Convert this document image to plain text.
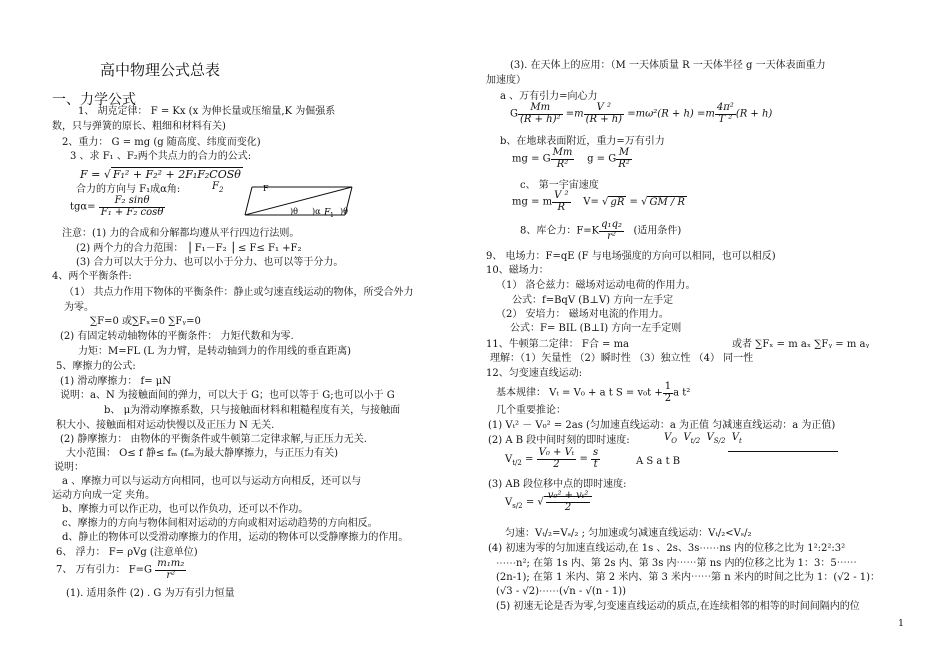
高中物理公式总表
一、力学公式
1、 胡克定律： F = Kx (x 为伸长量或压缩量,K 为倔强系
数，只与弹簧的原长、粗细和材料有关)
2、重力： G = mg (g 随高度、纬度而变化)
3 、求 F₁ 、F₂两个共点力的合力的公式:
F = √ F₁² + F₂² + 2F₁F₂COSθ
合力的方向与 F₁成α角:	$F_2$
$tg\alpha= \frac{\text{F₂ sinθ}}{\text{F₁ + F₂ cosθ}}$
F
)θ )α F 1 )θ
注意：(1) 力的合成和分解都均遵从平行四边行法则。
(2) 两个力的合力范围： ⎥ F₁－F₂ ⎥ ≤ F≤ F₁ +F₂
(3) 合力可以大于分力、也可以小于分力、也可以等于分力。
4、两个平衡条件:
（1） 共点力作用下物体的平衡条件：静止或匀速直线运动的物体，所受合外力
为零。
∑F=0 或∑Fₓ=0 ∑Fᵧ=0
(2) 有固定转动轴物体的平衡条件： 力矩代数和为零.
力矩：M=FL (L 为力臂，是转动轴到力的作用线的垂直距离)
5、摩擦力的公式:
(1) 滑动摩擦力： f= μN
说明：a、N 为接触面间的弹力，可以大于 G；也可以等于 G;也可以小于 G
b、 μ为滑动摩擦系数，只与接触面材料和粗糙程度有关，与接触面
积大小、接触面相对运动快慢以及正压力 N 无关.
(2) 静摩擦力： 由物体的平衡条件或牛顿第二定律求解,与正压力无关.
大小范围： O≤ f 静≤ fₘ (fₘ为最大静摩擦力，与正压力有关)
说明：
a 、摩擦力可以与运动方向相同，也可以与运动方向相反，还可以与
运动方向成一定 夹角。
b、摩擦力可以作正功，也可以作负功，还可以不作功。
c、摩擦力的方向与物体间相对运动的方向或相对运动趋势的方向相反。
d、静止的物体可以受滑动摩擦力的作用，运动的物体可以受静摩擦力的作用。
6、 浮力： F= ρVg (注意单位)
7、 万有引力： $F=G \frac{\text{m₁m₂}}{\text{r²}}$
(1). 适用条件 (2) . G 为万有引力恒量
(3). 在天体上的应用：（M 一天体质量 R 一天体半径 g 一天体表面重力
加速度）
a 、万有引力=向心力
G $\frac{Mm}{\text{(R + h)²}} =m \frac{\text{V ²}}{(R + h)} =m\omega^2(R + h) =m \frac{\text{4π²}}{\text{T ²}} (R + h)$
b、在地球表面附近，重力=万有引力
mg = G $\frac{Mm}{\text{R²}}$ g = G $\frac{M}{\text{R²}}$
c、 第一宇宙速度
mg = m $\frac{\text{V ²}}{R} V=$ √ gR = √ GM / R
8、库仑力：$F=K \frac{\text{q₁q₂}}{\text{r²}}$ (适用条件)
9、 电场力：F=qE (F 与电场强度的方向可以相同，也可以相反)
10、磁场力：
（1） 洛仑兹力：磁场对运动电荷的作用力。
公式：f=BqV (B⊥V) 方向一左手定
（2） 安培力： 磁场对电流的作用力。
公式：F= BIL (B⊥I) 方向一左手定则
11、牛顿第二定律： F合 = ma	或者 ∑Fₓ = m aₓ ∑Fᵧ = m aᵧ
理解：（1）矢量性 （2）瞬时性 （3）独立性 （4） 同一性
12、匀变速直线运动:
基本规律： Vₜ = V₀ + a t $S = v_0t + \frac{1}{2}$ a t²
几个重要推论：
(1) Vₜ² － V₀² = 2as (匀加速直线运动：a 为正值 匀减速直线运动：a 为正值)
(2) A B 段中间时刻的即时速度:	$V_O$  $V_{t/2}$  $V_{S/2}$  $V_t$
$V_{t/2} = \frac{\text{V₀ + Vₜ}}{2} = \frac{s}{t}$	A S a t B
(3) AB 段位移中点的即时速度:
$V_{s/2}$ = √ $\frac{\text{v₀² + vₜ²}}{2}$
匀速：Vₜ/₂=Vₛ/₂ ; 匀加速或匀减速直线运动：Vₜ/₂<Vₛ/₂
(4) 初速为零的匀加速直线运动,在 1s 、2s、3s⋯⋯ns 内的位移之比为 1²:2²:3²
⋯⋯n²; 在第 1s 内、第 2s 内、第 3s 内⋯⋯第 ns 内的位移之比为 1：3：5⋯⋯
(2n-1); 在第 1 米内、第 2 米内、第 3 米内⋯⋯第 n 米内的时间之比为 1：(√2 - 1)：
(√3 - √2)⋯⋯(√n - √(n - 1))
(5) 初速无论是否为零,匀变速直线运动的质点,在连续相邻的相等的时间间隔内的位
1
